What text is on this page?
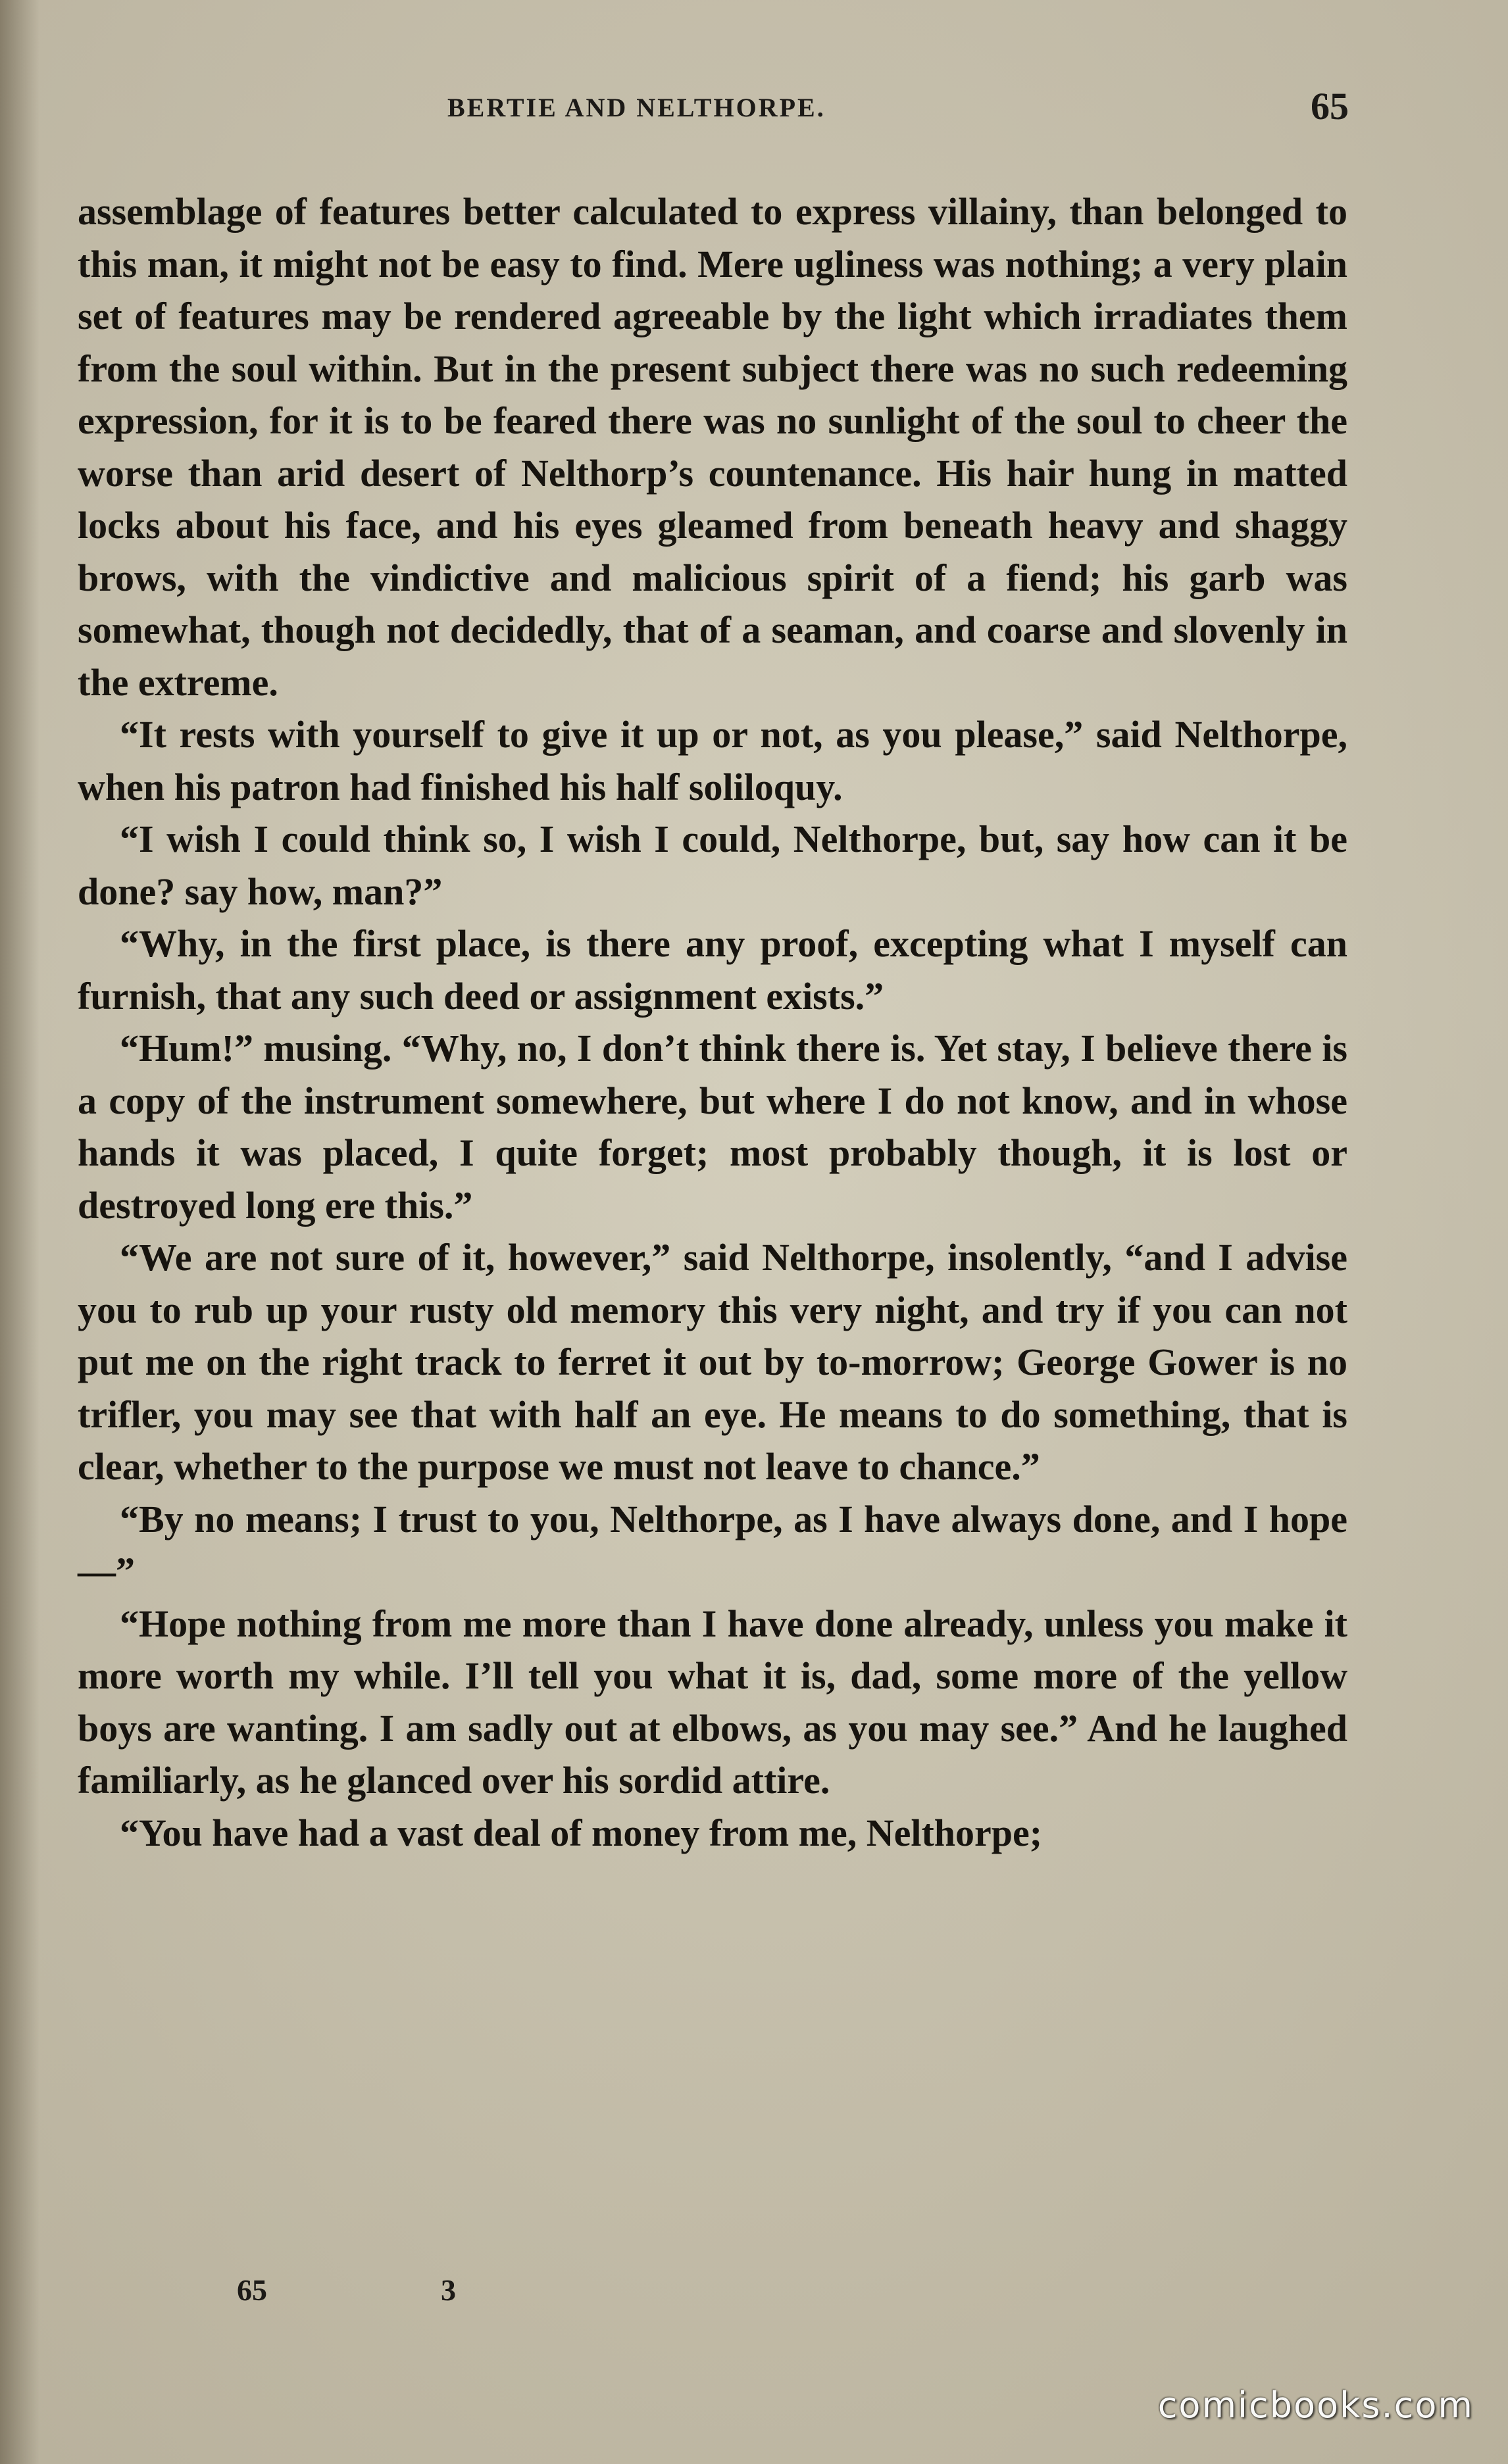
BERTIE AND NELTHORPE.	65

assemblage of features better calculated to express villainy, than belonged to this man, it might not be easy to find. Mere ugliness was nothing; a very plain set of features may be rendered agreeable by the light which irradiates them from the soul within. But in the present subject there was no such redeeming expression, for it is to be feared there was no sunlight of the soul to cheer the worse than arid desert of Nelthorp’s countenance. His hair hung in matted locks about his face, and his eyes gleamed from beneath heavy and shaggy brows, with the vindictive and malicious spirit of a fiend; his garb was somewhat, though not decidedly, that of a seaman, and coarse and slovenly in the extreme.

“It rests with yourself to give it up or not, as you please,” said Nelthorpe, when his patron had finished his half soliloquy.

“I wish I could think so, I wish I could, Nelthorpe, but, say how can it be done? say how, man?”

“Why, in the first place, is there any proof, excepting what I myself can furnish, that any such deed or assignment exists.”

“Hum!” musing. “Why, no, I don’t think there is. Yet stay, I believe there is a copy of the instrument somewhere, but where I do not know, and in whose hands it was placed, I quite forget; most probably though, it is lost or destroyed long ere this.”

“We are not sure of it, however,” said Nelthorpe, insolently, “and I advise you to rub up your rusty old memory this very night, and try if you can not put me on the right track to ferret it out by to-morrow; George Gower is no trifler, you may see that with half an eye. He means to do something, that is clear, whether to the purpose we must not leave to chance.”

“By no means; I trust to you, Nelthorpe, as I have always done, and I hope—”

“Hope nothing from me more than I have done already, unless you make it more worth my while. I’ll tell you what it is, dad, some more of the yellow boys are wanting. I am sadly out at elbows, as you may see.” And he laughed familiarly, as he glanced over his sordid attire.

“You have had a vast deal of money from me, Nelthorpe;

65	3
comicbooks.com
